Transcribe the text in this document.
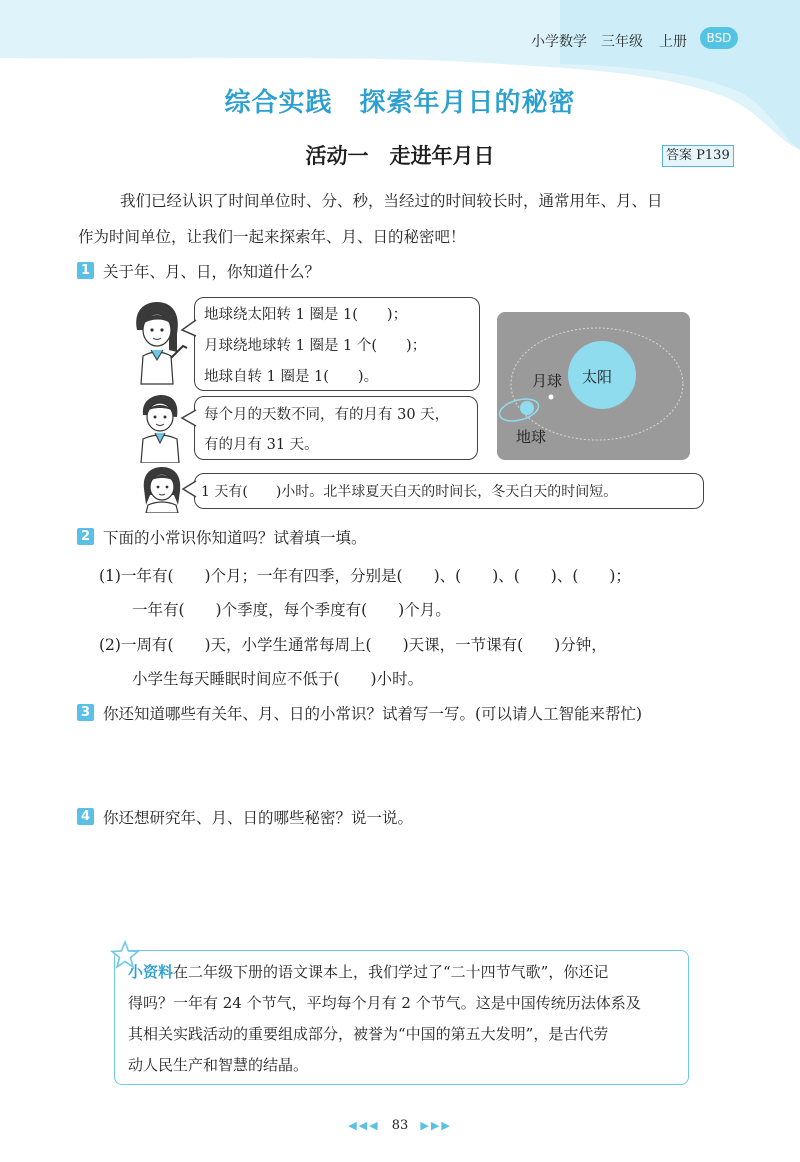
小学数学 三年级 上册	BSD
综合实践　探索年月日的秘密
活动一　走进年月日	答案 P139
我们已经认识了时间单位时、分、秒，当经过的时间较长时，通常用年、月、日
作为时间单位，让我们一起来探索年、月、日的秘密吧！
1 关于年、月、日，你知道什么？
地球绕太阳转 1 圈是 1(　　)；
月球绕地球转 1 圈是 1 个(　　)；
地球自转 1 圈是 1(　　)。
每个月的天数不同，有的月有 30 天，
有的月有 31 天。
1 天有(　　)小时。北半球夏天白天的时间长，冬天白天的时间短。
月球 太阳
地球
2 下面的小常识你知道吗？试着填一填。
(1)一年有(　　)个月；一年有四季，分别是(　　)、(　　)、(　　)、(　　)；
一年有(　　)个季度，每个季度有(　　)个月。
(2)一周有(　　)天，小学生通常每周上(　　)天课，一节课有(　　)分钟，
小学生每天睡眠时间应不低于(　　)小时。
3 你还知道哪些有关年、月、日的小常识？试着写一写。(可以请人工智能来帮忙)
4 你还想研究年、月、日的哪些秘密？说一说。
小资料在二年级下册的语文课本上，我们学过了“二十四节气歌”，你还记
得吗？一年有 24 个节气，平均每个月有 2 个节气。这是中国传统历法体系及
其相关实践活动的重要组成部分，被誉为“中国的第五大发明”，是古代劳
动人民生产和智慧的结晶。
◀◀◀ 83 ▶▶▶
